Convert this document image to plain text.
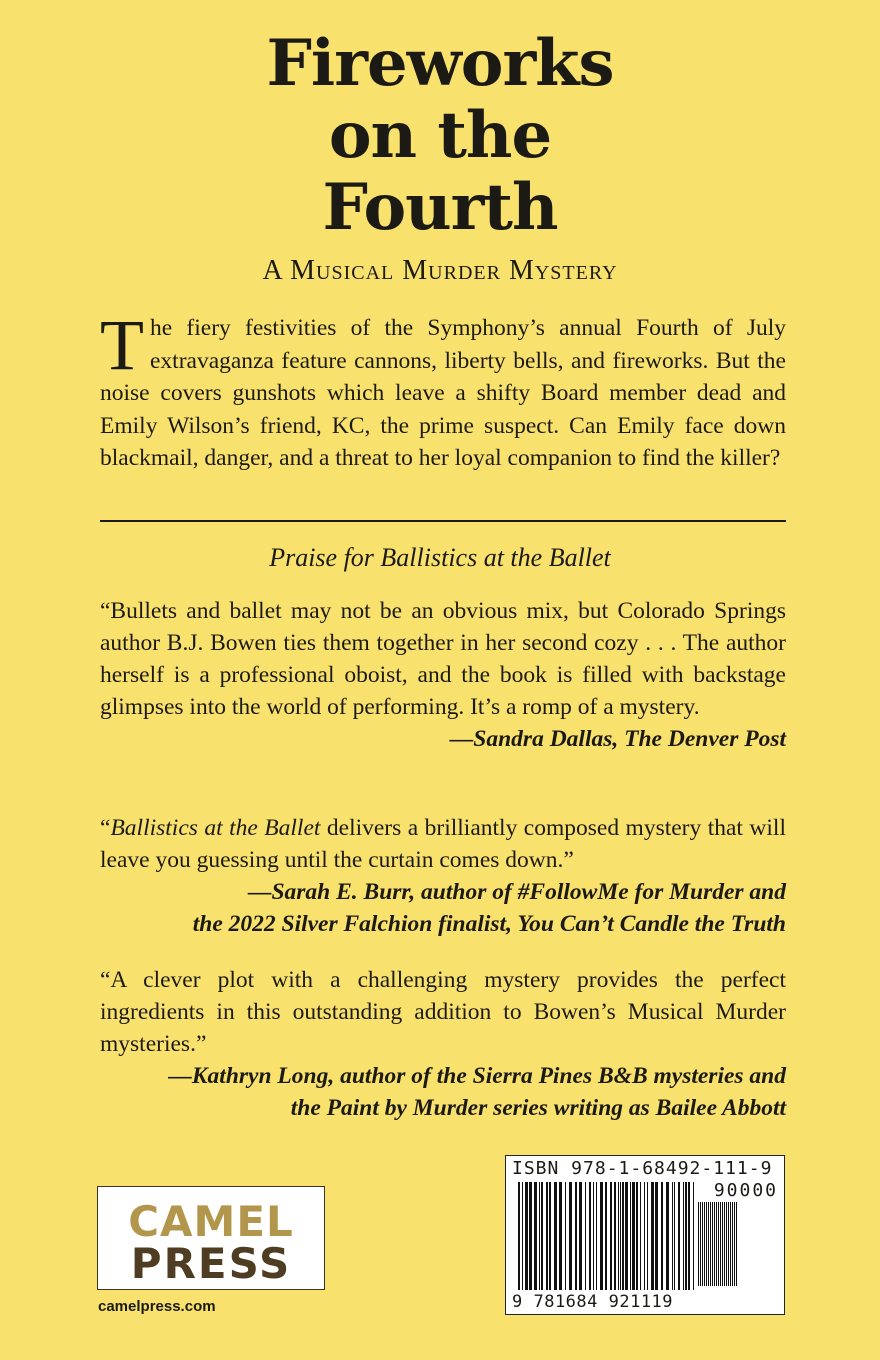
Fireworks
on the
Fourth
A Musical Murder Mystery

The fiery festivities of the Symphony’s annual Fourth of July extravaganza feature cannons, liberty bells, and fireworks. But the noise covers gunshots which leave a shifty Board member dead and Emily Wilson’s friend, KC, the prime suspect. Can Emily face down blackmail, danger, and a threat to her loyal companion to find the killer?

Praise for Ballistics at the Ballet

“Bullets and ballet may not be an obvious mix, but Colorado Springs author B.J. Bowen ties them together in her second cozy . . . The author herself is a professional oboist, and the book is filled with backstage glimpses into the world of performing. It’s a romp of a mystery.

—Sandra Dallas, The Denver Post

“Ballistics at the Ballet delivers a brilliantly composed mystery that will leave you guessing until the curtain comes down.”

—Sarah E. Burr, author of #FollowMe for Murder and

the 2022 Silver Falchion finalist, You Can’t Candle the Truth

“A clever plot with a challenging mystery provides the perfect ingredients in this outstanding addition to Bowen’s Musical Murder mysteries.”

—Kathryn Long, author of the Sierra Pines B&B mysteries and

the Paint by Murder series writing as Bailee Abbott

CAMEL
PRESS
camelpress.com
ISBN 978-1-68492-111-9
90000
9 781684 921119
